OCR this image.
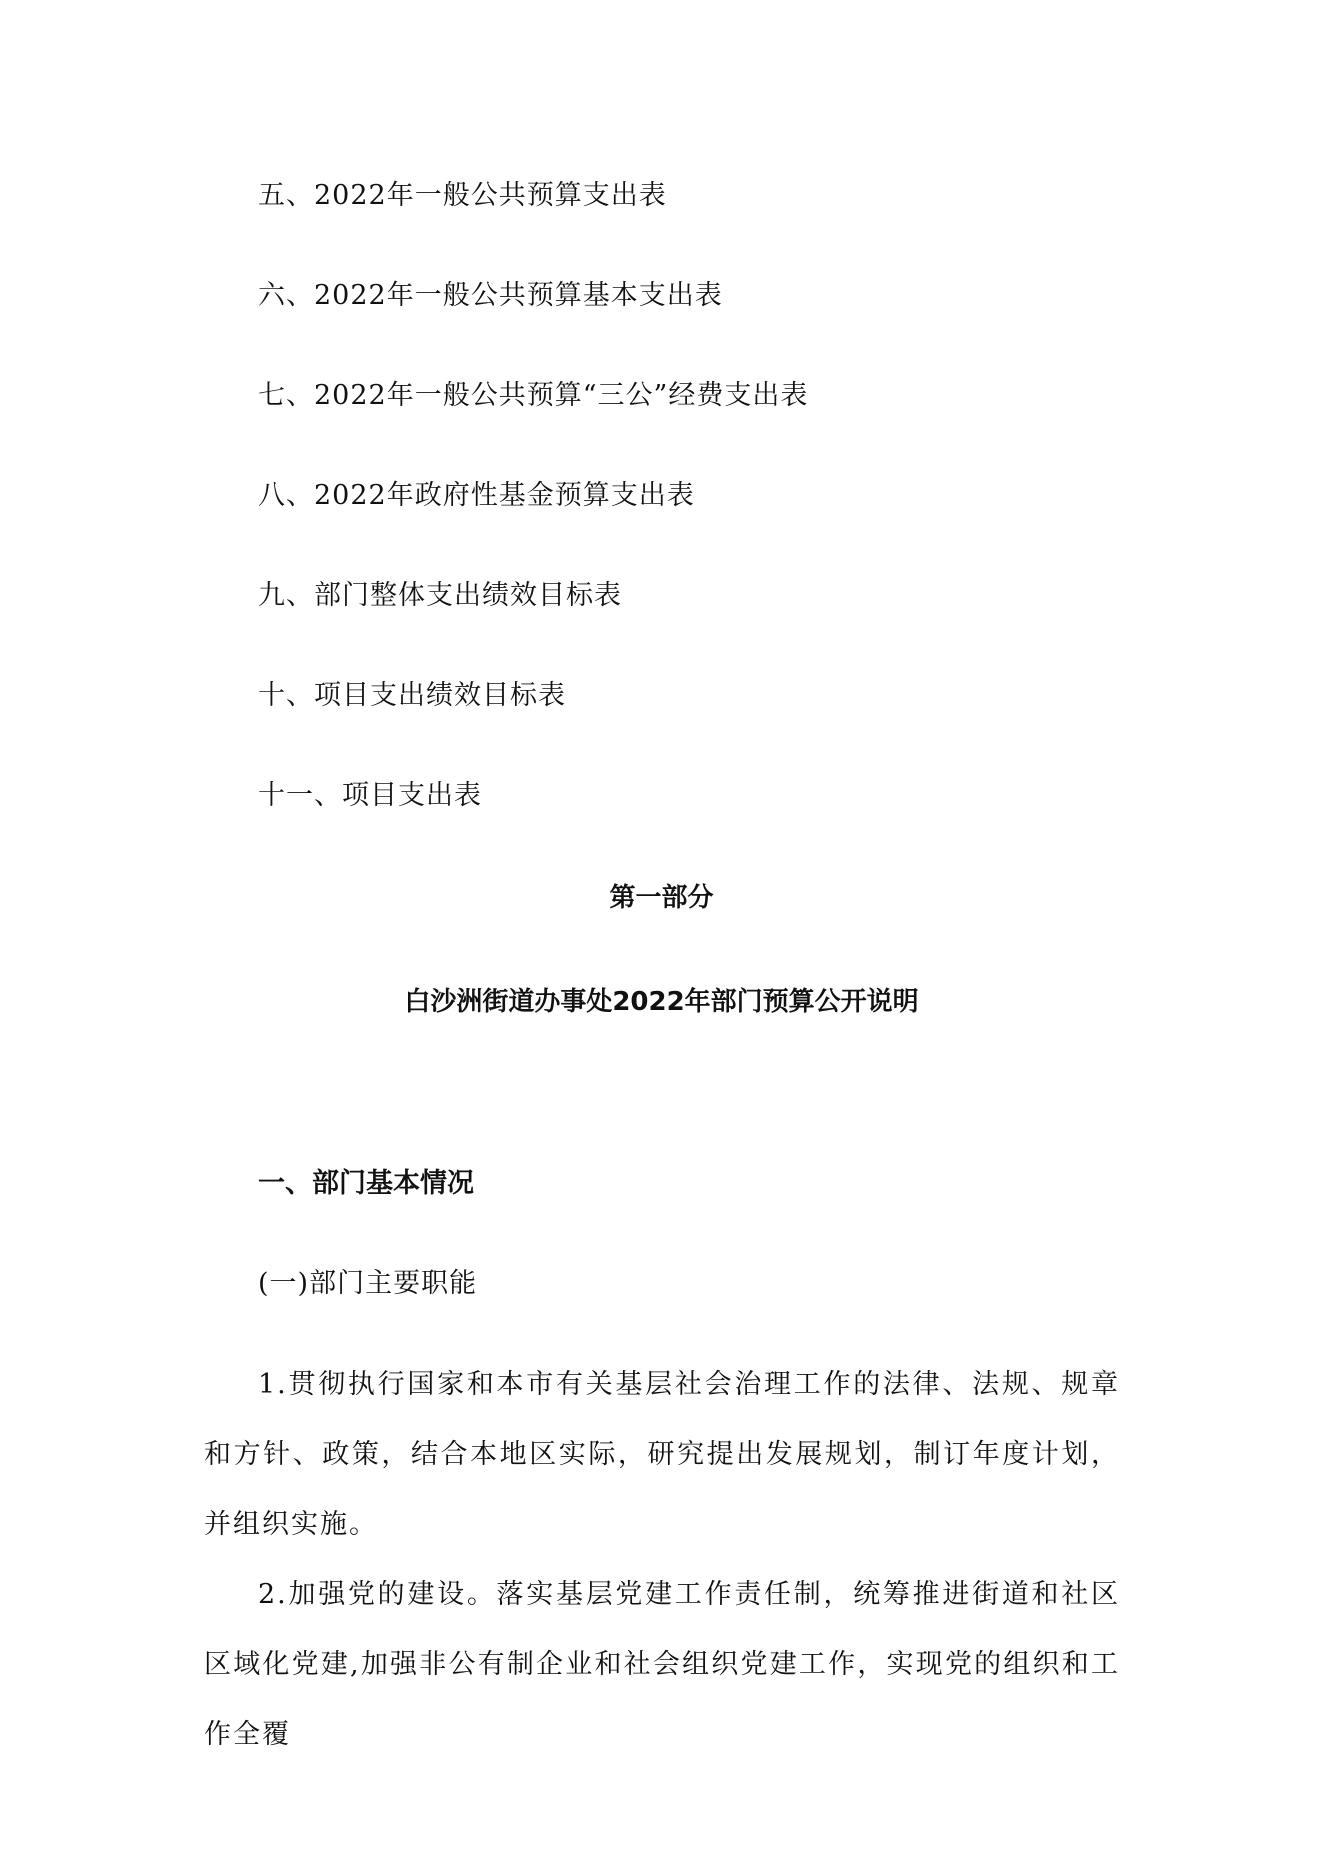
五、2022年一般公共预算支出表
六、2022年一般公共预算基本支出表
七、2022年一般公共预算“三公”经费支出表
八、2022年政府性基金预算支出表
九、部门整体支出绩效目标表
十、项目支出绩效目标表
十一、项目支出表
第一部分
白沙洲街道办事处2022年部门预算公开说明
一、部门基本情况
(一)部门主要职能

1.贯彻执行国家和本市有关基层社会治理工作的法律、法规、规章和方针、政策，结合本地区实际，研究提出发展规划，制订年度计划，并组织实施。

2.加强党的建设。落实基层党建工作责任制，统筹推进街道和社区区域化党建,加强非公有制企业和社会组织党建工作，实现党的组织和工作全覆
